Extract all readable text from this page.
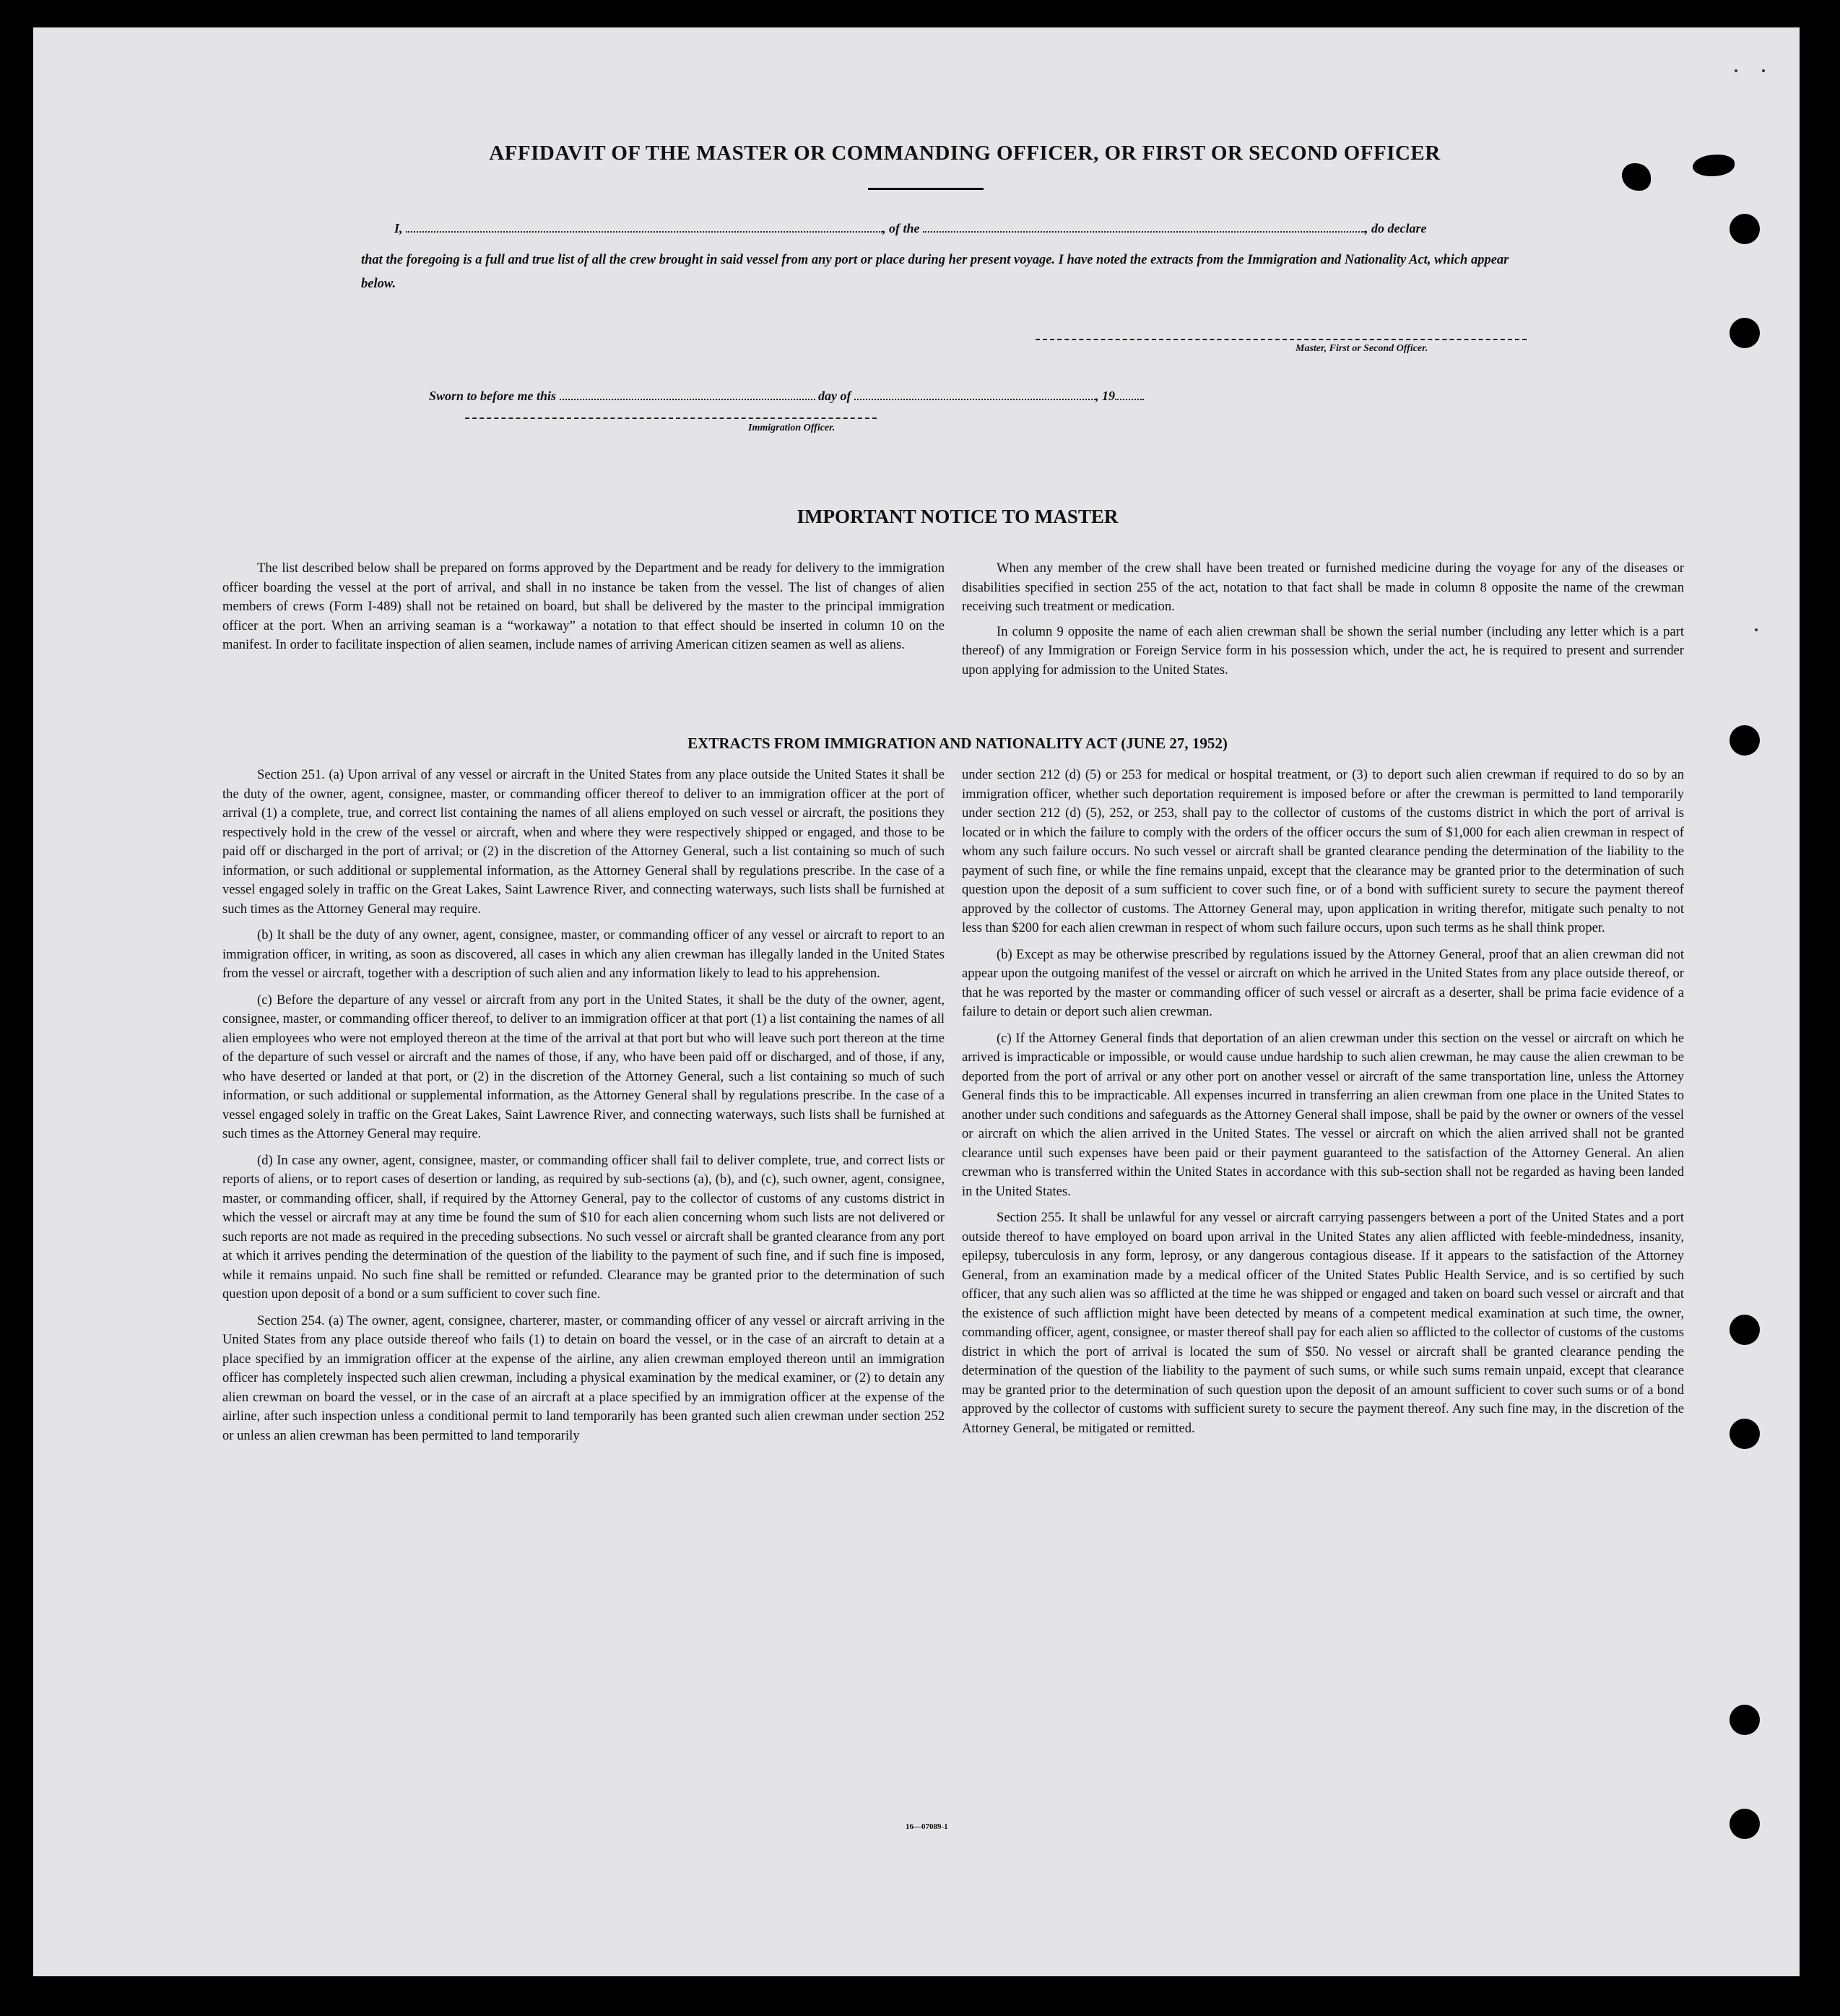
AFFIDAVIT OF THE MASTER OR COMMANDING OFFICER, OR FIRST OR SECOND OFFICER
I,	, of the	, do declare
that the foregoing is a full and true list of all the crew brought in said vessel from any port or place during her present voyage. I have noted the extracts from the Immigration and Nationality Act, which appear below.
Master, First or Second Officer.
Sworn to before me this	day of	, 19
Immigration Officer.
IMPORTANT NOTICE TO MASTER

The list described below shall be prepared on forms approved by the Department and be ready for delivery to the immigration officer boarding the vessel at the port of arrival, and shall in no instance be taken from the vessel. The list of changes of alien members of crews (Form I-489) shall not be retained on board, but shall be delivered by the master to the principal immigration officer at the port. When an arriving seaman is a “workaway” a notation to that effect should be inserted in column 10 on the manifest. In order to facilitate inspection of alien seamen, include names of arriving American citizen seamen as well as aliens.

When any member of the crew shall have been treated or furnished medicine during the voyage for any of the diseases or disabilities specified in section 255 of the act, notation to that fact shall be made in column 8 opposite the name of the crewman receiving such treatment or medication.

In column 9 opposite the name of each alien crewman shall be shown the serial number (including any letter which is a part thereof) of any Immigration or Foreign Service form in his possession which, under the act, he is required to present and surrender upon applying for admission to the United States.

EXTRACTS FROM IMMIGRATION AND NATIONALITY ACT (JUNE 27, 1952)

Section 251. (a) Upon arrival of any vessel or aircraft in the United States from any place outside the United States it shall be the duty of the owner, agent, consignee, master, or commanding officer thereof to deliver to an immigration officer at the port of arrival (1) a complete, true, and correct list containing the names of all aliens employed on such vessel or aircraft, the positions they respectively hold in the crew of the vessel or aircraft, when and where they were respectively shipped or engaged, and those to be paid off or discharged in the port of arrival; or (2) in the discretion of the Attorney General, such a list containing so much of such information, or such additional or supplemental information, as the Attorney General shall by regulations prescribe. In the case of a vessel engaged solely in traffic on the Great Lakes, Saint Lawrence River, and connecting waterways, such lists shall be furnished at such times as the Attorney General may require.

(b) It shall be the duty of any owner, agent, consignee, master, or commanding officer of any vessel or aircraft to report to an immigration officer, in writing, as soon as discovered, all cases in which any alien crewman has illegally landed in the United States from the vessel or aircraft, together with a description of such alien and any information likely to lead to his apprehension.

(c) Before the departure of any vessel or aircraft from any port in the United States, it shall be the duty of the owner, agent, consignee, master, or commanding officer thereof, to deliver to an immigration officer at that port (1) a list containing the names of all alien employees who were not employed thereon at the time of the arrival at that port but who will leave such port thereon at the time of the departure of such vessel or aircraft and the names of those, if any, who have been paid off or discharged, and of those, if any, who have deserted or landed at that port, or (2) in the discretion of the Attorney General, such a list containing so much of such information, or such additional or supplemental information, as the Attorney General shall by regulations prescribe. In the case of a vessel engaged solely in traffic on the Great Lakes, Saint Lawrence River, and connecting waterways, such lists shall be furnished at such times as the Attorney General may require.

(d) In case any owner, agent, consignee, master, or commanding officer shall fail to deliver complete, true, and correct lists or reports of aliens, or to report cases of desertion or landing, as required by sub-sections (a), (b), and (c), such owner, agent, consignee, master, or commanding officer, shall, if required by the Attorney General, pay to the collector of customs of any customs district in which the vessel or aircraft may at any time be found the sum of $10 for each alien concerning whom such lists are not delivered or such reports are not made as required in the preceding subsections. No such vessel or aircraft shall be granted clearance from any port at which it arrives pending the determination of the question of the liability to the payment of such fine, and if such fine is imposed, while it remains unpaid. No such fine shall be remitted or refunded. Clearance may be granted prior to the determination of such question upon deposit of a bond or a sum sufficient to cover such fine.

Section 254. (a) The owner, agent, consignee, charterer, master, or commanding officer of any vessel or aircraft arriving in the United States from any place outside thereof who fails (1) to detain on board the vessel, or in the case of an aircraft to detain at a place specified by an immigration officer at the expense of the airline, any alien crewman employed thereon until an immigration officer has completely inspected such alien crewman, including a physical examination by the medical examiner, or (2) to detain any alien crewman on board the vessel, or in the case of an aircraft at a place specified by an immigration officer at the expense of the airline, after such inspection unless a conditional permit to land temporarily has been granted such alien crewman under section 252 or unless an alien crewman has been permitted to land temporarily

under section 212 (d) (5) or 253 for medical or hospital treatment, or (3) to deport such alien crewman if required to do so by an immigration officer, whether such deportation requirement is imposed before or after the crewman is permitted to land temporarily under section 212 (d) (5), 252, or 253, shall pay to the collector of customs of the customs district in which the port of arrival is located or in which the failure to comply with the orders of the officer occurs the sum of $1,000 for each alien crewman in respect of whom any such failure occurs. No such vessel or aircraft shall be granted clearance pending the determination of the liability to the payment of such fine, or while the fine remains unpaid, except that the clearance may be granted prior to the determination of such question upon the deposit of a sum sufficient to cover such fine, or of a bond with sufficient surety to secure the payment thereof approved by the collector of customs. The Attorney General may, upon application in writing therefor, mitigate such penalty to not less than $200 for each alien crewman in respect of whom such failure occurs, upon such terms as he shall think proper.

(b) Except as may be otherwise prescribed by regulations issued by the Attorney General, proof that an alien crewman did not appear upon the outgoing manifest of the vessel or aircraft on which he arrived in the United States from any place outside thereof, or that he was reported by the master or commanding officer of such vessel or aircraft as a deserter, shall be prima facie evidence of a failure to detain or deport such alien crewman.

(c) If the Attorney General finds that deportation of an alien crewman under this section on the vessel or aircraft on which he arrived is impracticable or impossible, or would cause undue hardship to such alien crewman, he may cause the alien crewman to be deported from the port of arrival or any other port on another vessel or aircraft of the same transportation line, unless the Attorney General finds this to be impracticable. All expenses incurred in transferring an alien crewman from one place in the United States to another under such conditions and safeguards as the Attorney General shall impose, shall be paid by the owner or owners of the vessel or aircraft on which the alien arrived in the United States. The vessel or aircraft on which the alien arrived shall not be granted clearance until such expenses have been paid or their payment guaranteed to the satisfaction of the Attorney General. An alien crewman who is transferred within the United States in accordance with this sub-section shall not be regarded as having been landed in the United States.

Section 255. It shall be unlawful for any vessel or aircraft carrying passengers between a port of the United States and a port outside thereof to have employed on board upon arrival in the United States any alien afflicted with feeble-mindedness, insanity, epilepsy, tuberculosis in any form, leprosy, or any dangerous contagious disease. If it appears to the satisfaction of the Attorney General, from an examination made by a medical officer of the United States Public Health Service, and is so certified by such officer, that any such alien was so afflicted at the time he was shipped or engaged and taken on board such vessel or aircraft and that the existence of such affliction might have been detected by means of a competent medical examination at such time, the owner, commanding officer, agent, consignee, or master thereof shall pay for each alien so afflicted to the collector of customs of the customs district in which the port of arrival is located the sum of $50. No vessel or aircraft shall be granted clearance pending the determination of the question of the liability to the payment of such sums, or while such sums remain unpaid, except that clearance may be granted prior to the determination of such question upon the deposit of an amount sufficient to cover such sums or of a bond approved by the collector of customs with sufficient surety to secure the payment thereof. Any such fine may, in the discretion of the Attorney General, be mitigated or remitted.

16—07089-1
